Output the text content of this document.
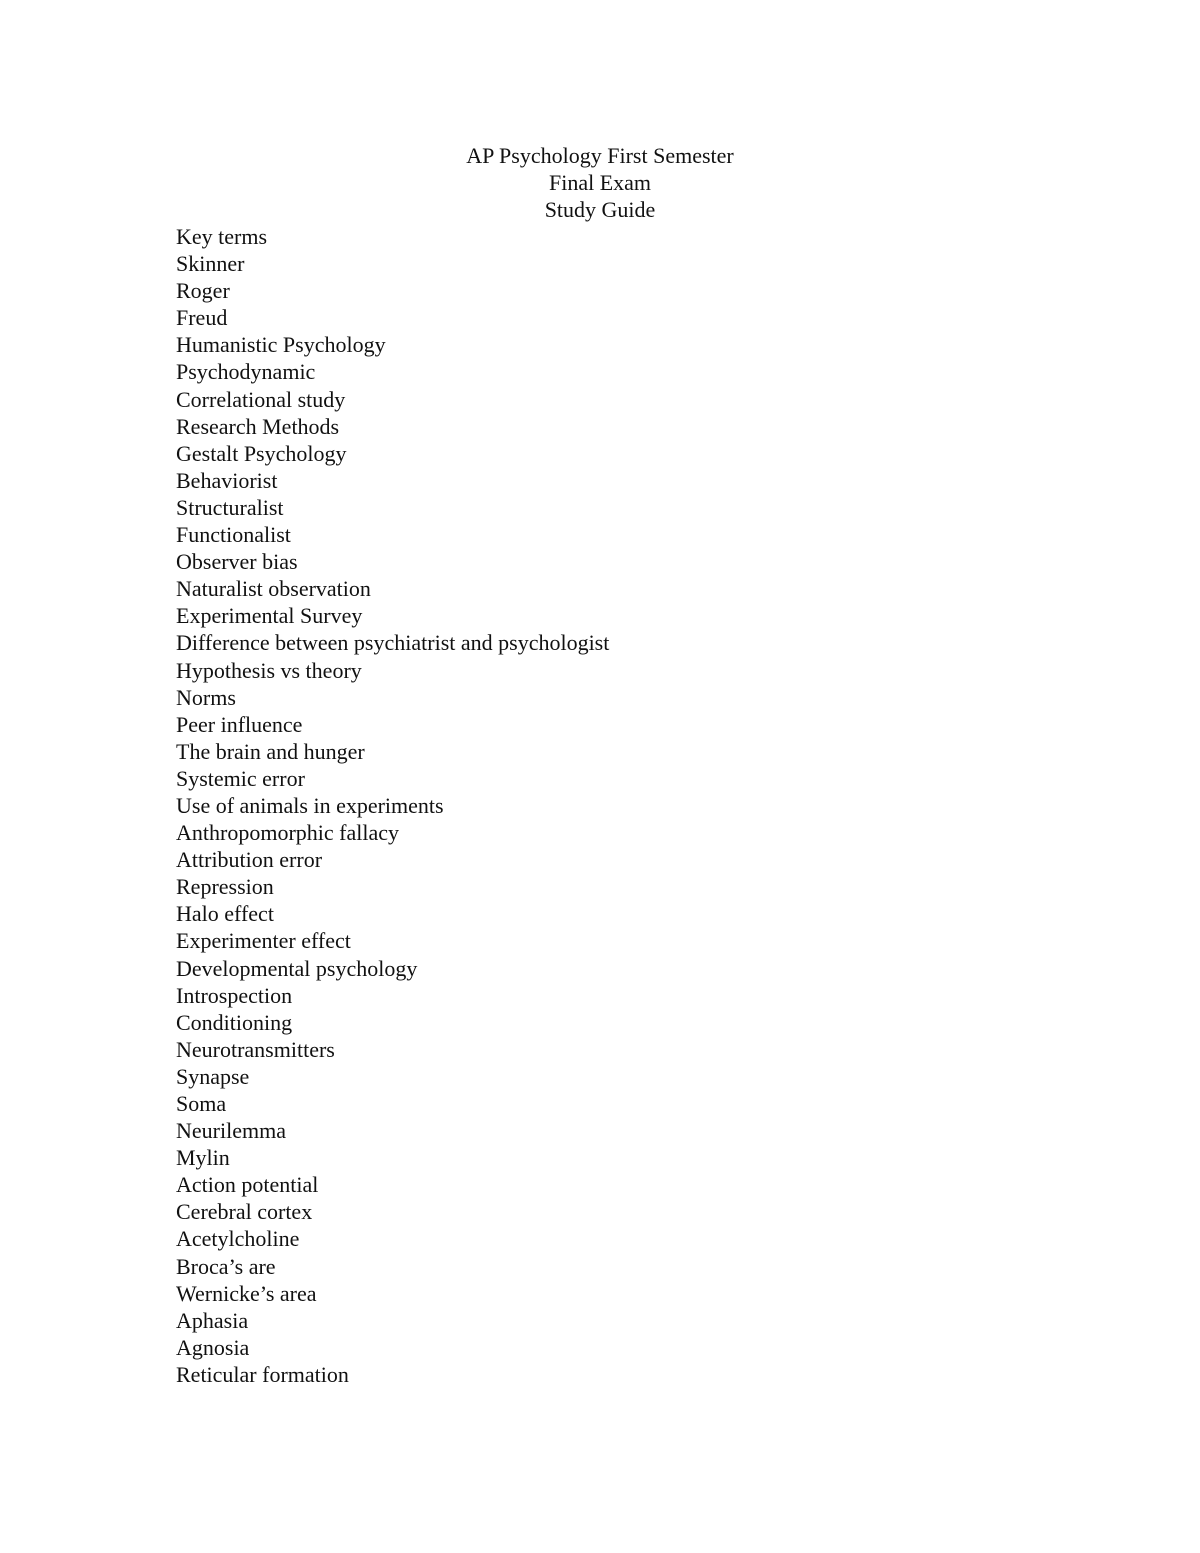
AP Psychology First Semester
Final Exam
Study Guide
Key terms
Skinner
Roger
Freud
Humanistic Psychology
Psychodynamic
Correlational study
Research Methods
Gestalt Psychology
Behaviorist
Structuralist
Functionalist
Observer bias
Naturalist observation
Experimental Survey
Difference between psychiatrist and psychologist
Hypothesis vs theory
Norms
Peer influence
The brain and hunger
Systemic error
Use of animals in experiments
Anthropomorphic fallacy
Attribution error
Repression
Halo effect
Experimenter effect
Developmental psychology
Introspection
Conditioning
Neurotransmitters
Synapse
Soma
Neurilemma
Mylin
Action potential
Cerebral cortex
Acetylcholine
Broca’s are
Wernicke’s area
Aphasia
Agnosia
Reticular formation
